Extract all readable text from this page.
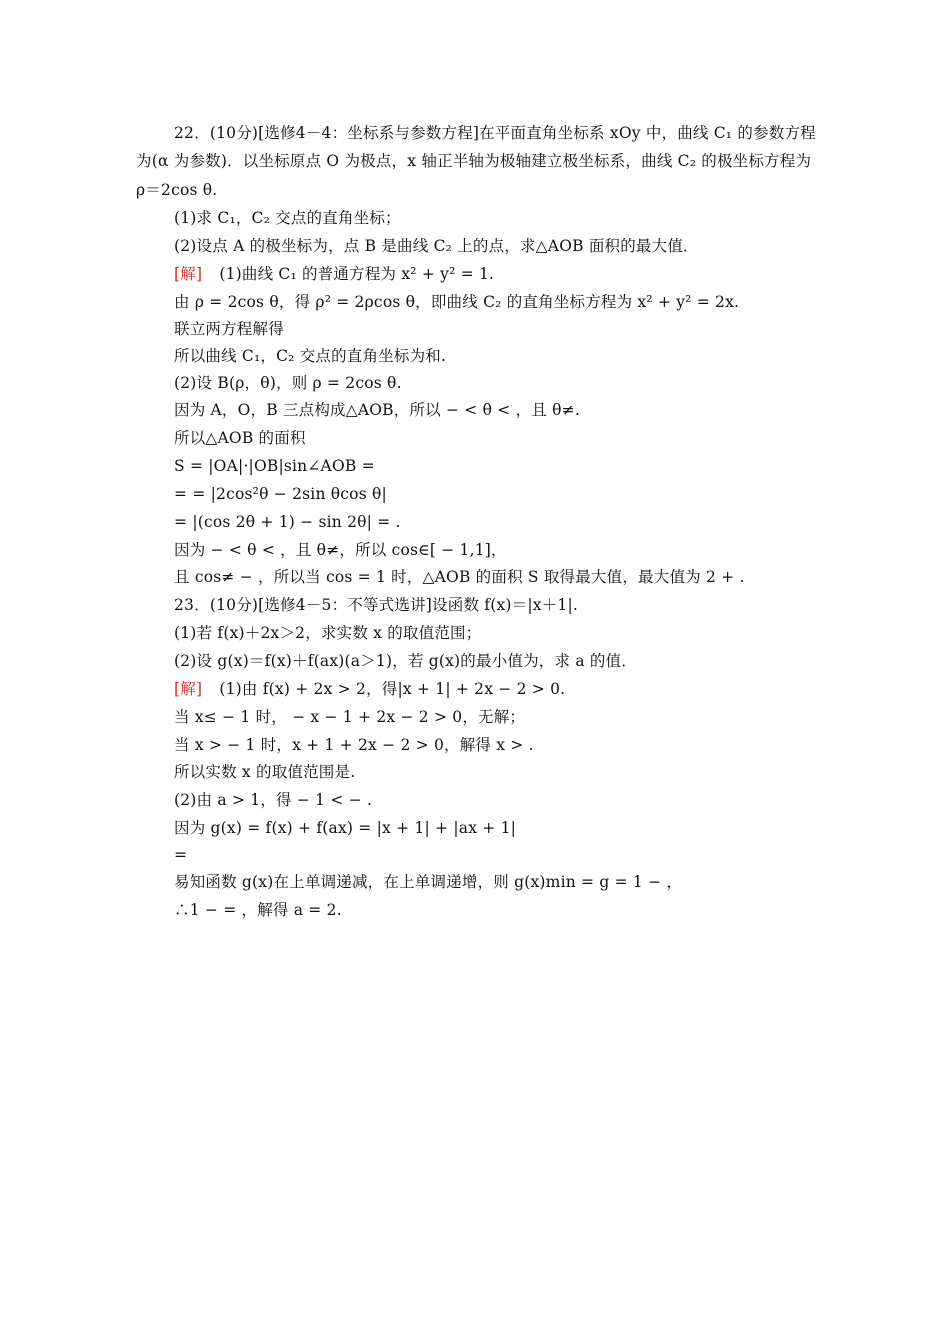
22．(10分)[选修4－4：坐标系与参数方程]在平面直角坐标系 xOy 中，曲线 C₁ 的参数方程
为(α 为参数)．以坐标原点 O 为极点，x 轴正半轴为极轴建立极坐标系，曲线 C₂ 的极坐标方程为
ρ＝2cos θ.
(1)求 C₁，C₂ 交点的直角坐标；
(2)设点 A 的极坐标为，点 B 是曲线 C₂ 上的点，求△AOB 面积的最大值．
[解] (1)曲线 C₁ 的普通方程为 x² + y² = 1.
由 ρ = 2cos θ，得 ρ² = 2ρcos θ，即曲线 C₂ 的直角坐标方程为 x² + y² = 2x.
联立两方程解得
所以曲线 C₁，C₂ 交点的直角坐标为和.
(2)设 B(ρ，θ)，则 ρ = 2cos θ.
因为 A，O，B 三点构成△AOB，所以 − < θ < ，且 θ≠.
所以△AOB 的面积
S = |OA|·|OB|sin∠AOB =
= = |2cos²θ − 2sin θcos θ|
= |(cos 2θ + 1) − sin 2θ| = .
因为 − < θ < ，且 θ≠，所以 cos∈[ − 1,1]，
且 cos≠ − ，所以当 cos = 1 时，△AOB 的面积 S 取得最大值，最大值为 2 + .
23．(10分)[选修4－5：不等式选讲]设函数 f(x)＝|x＋1|.
(1)若 f(x)＋2x＞2，求实数 x 的取值范围；
(2)设 g(x)＝f(x)＋f(ax)(a＞1)，若 g(x)的最小值为，求 a 的值．
[解] (1)由 f(x) + 2x > 2，得|x + 1| + 2x − 2 > 0.
当 x≤ − 1 时， − x − 1 + 2x − 2 > 0，无解；
当 x > − 1 时，x + 1 + 2x − 2 > 0，解得 x > .
所以实数 x 的取值范围是.
(2)由 a > 1，得 − 1 < − .
因为 g(x) = f(x) + f(ax) = |x + 1| + |ax + 1|
=
易知函数 g(x)在上单调递减，在上单调递增，则 g(x)min = g = 1 − ，
∴1 − = ，解得 a = 2.
